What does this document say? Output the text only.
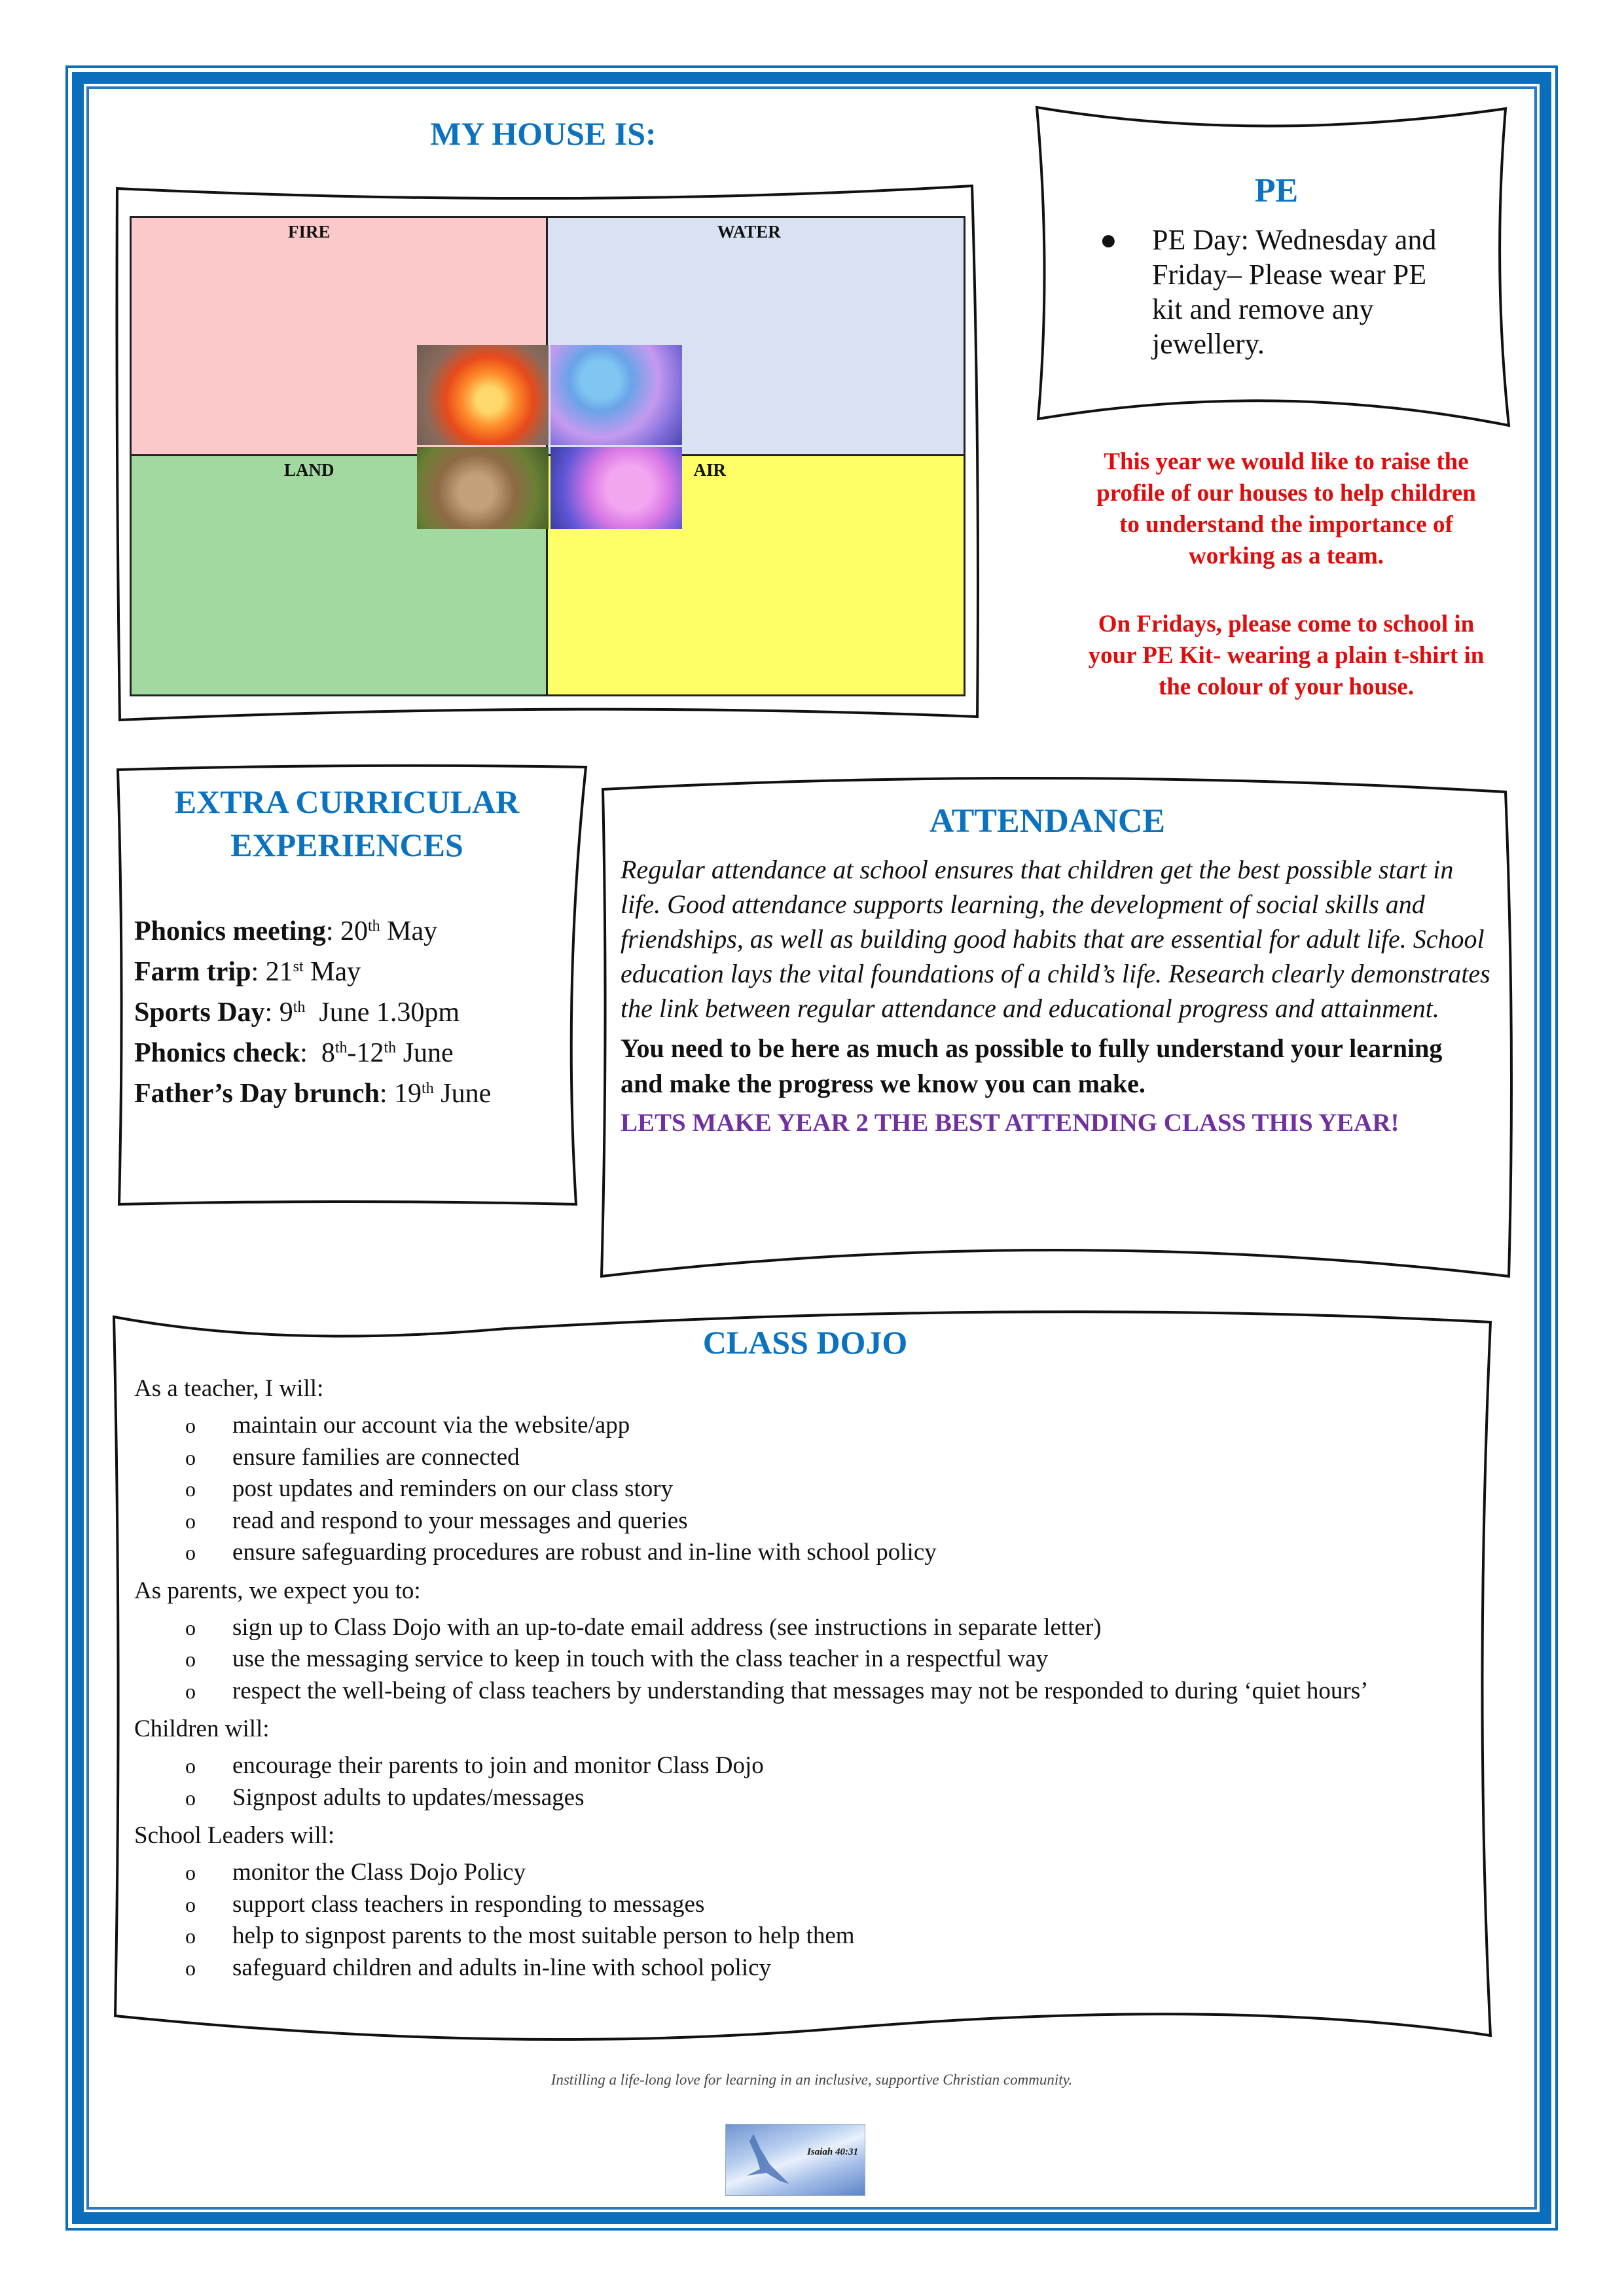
MY HOUSE IS:
FIRE	WATER
LAND	AIR
PE
● PE Day: Wednesday and Friday– Please wear PE kit and remove any jewellery.
This year we would like to raise the profile of our houses to help children to understand the importance of working as a team.
On Fridays, please come to school in your PE Kit- wearing a plain t-shirt in the colour of your house.
EXTRA CURRICULAR
EXPERIENCES
Phonics meeting: 20th May
Farm trip: 21st May
Sports Day: 9th  June 1.30pm
Phonics check:  8th-12th June
Father’s Day brunch: 19th June
ATTENDANCE
Regular attendance at school ensures that children get the best possible start in life. Good attendance supports learning, the development of social skills and friendships, as well as building good habits that are essential for adult life. School education lays the vital foundations of a child’s life. Research clearly demonstrates the link between regular attendance and educational progress and attainment.
You need to be here as much as possible to fully understand your learning and make the progress we know you can make.
LETS MAKE YEAR 2 THE BEST ATTENDING CLASS THIS YEAR!
CLASS DOJO
As a teacher, I will:
o maintain our account via the website/app
o ensure families are connected
o post updates and reminders on our class story
o read and respond to your messages and queries
o ensure safeguarding procedures are robust and in-line with school policy
As parents, we expect you to:
o sign up to Class Dojo with an up-to-date email address (see instructions in separate letter)
o use the messaging service to keep in touch with the class teacher in a respectful way
o respect the well-being of class teachers by understanding that messages may not be responded to during ‘quiet hours’
Children will:
o encourage their parents to join and monitor Class Dojo
o Signpost adults to updates/messages
School Leaders will:
o monitor the Class Dojo Policy
o support class teachers in responding to messages
o help to signpost parents to the most suitable person to help them
o safeguard children and adults in-line with school policy
Instilling a life-long love for learning in an inclusive, supportive Christian community.
Isaiah 40:31
